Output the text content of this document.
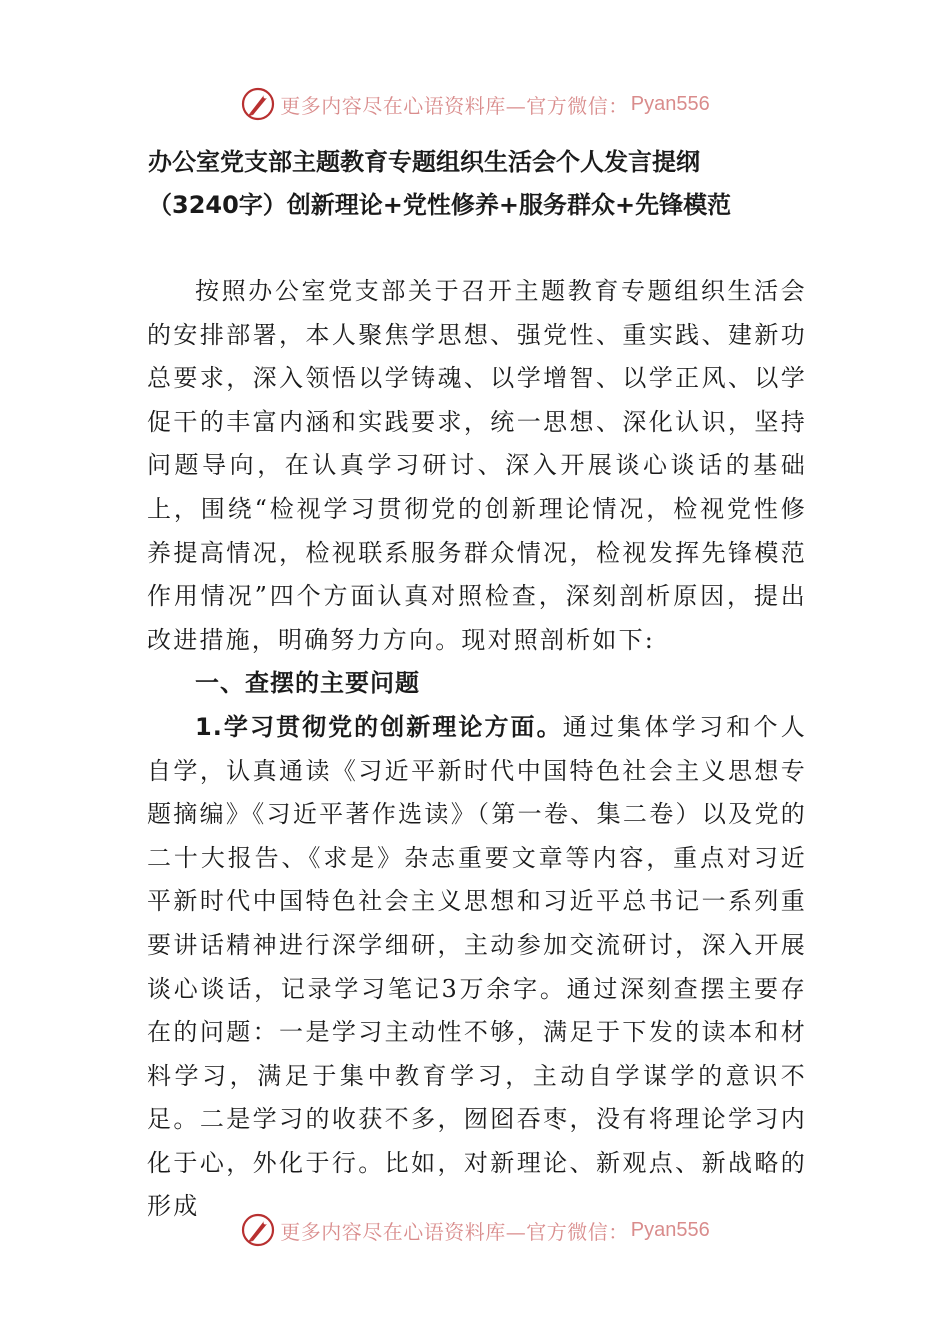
更多内容尽在心语资料库—官方微信： Pyan556
办公室党支部主题教育专题组织生活会个人发言提纲
（3240字）创新理论+党性修养+服务群众+先锋模范

按照办公室党支部关于召开主题教育专题组织生活会的安排部署，本人聚焦学思想、强党性、重实践、建新功总要求，深入领悟以学铸魂、以学增智、以学正风、以学促干的丰富内涵和实践要求，统一思想、深化认识，坚持问题导向，在认真学习研讨、深入开展谈心谈话的基础上，围绕“检视学习贯彻党的创新理论情况，检视党性修养提高情况，检视联系服务群众情况，检视发挥先锋模范作用情况”四个方面认真对照检查，深刻剖析原因，提出改进措施，明确努力方向。现对照剖析如下:

一、查摆的主要问题

1.学习贯彻党的创新理论方面。通过集体学习和个人自学，认真通读《习近平新时代中国特色社会主义思想专题摘编》《习近平著作选读》（第一卷、集二卷）以及党的二十大报告、《求是》杂志重要文章等内容，重点对习近平新时代中国特色社会主义思想和习近平总书记一系列重要讲话精神进行深学细研，主动参加交流研讨，深入开展谈心谈话，记录学习笔记3万余字。通过深刻查摆主要存在的问题：一是学习主动性不够，满足于下发的读本和材料学习，满足于集中教育学习，主动自学谋学的意识不足。二是学习的收获不多，囫囵吞枣，没有将理论学习内化于心，外化于行。比如，对新理论、新观点、新战略的形成

更多内容尽在心语资料库—官方微信： Pyan556
